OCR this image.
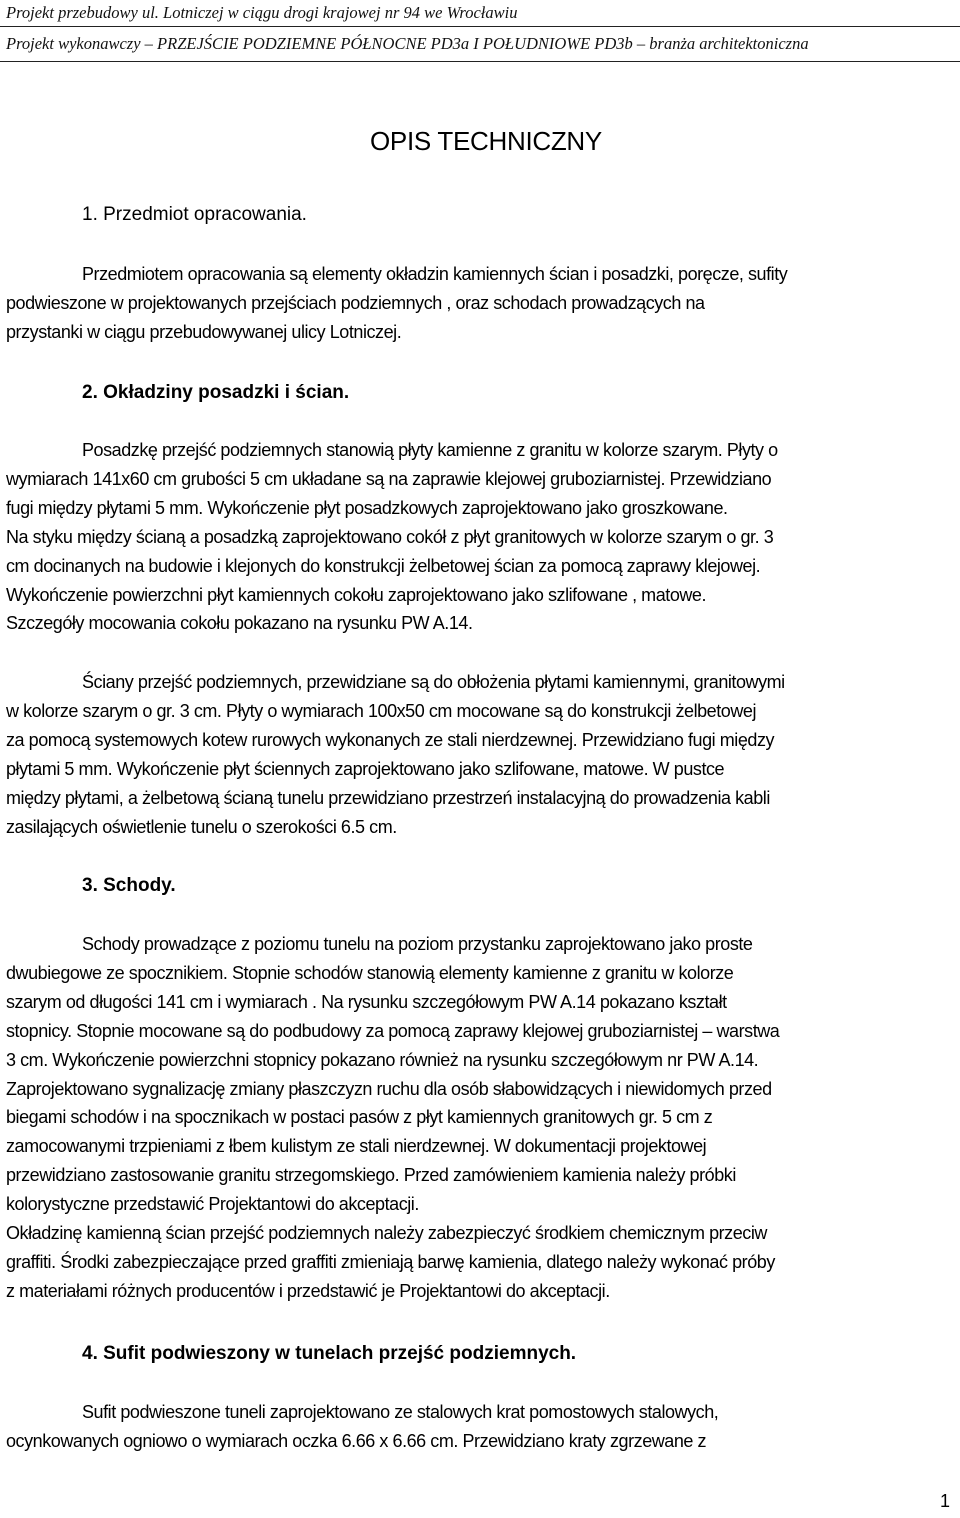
Projekt przebudowy ul. Lotniczej w ciągu drogi krajowej nr 94 we Wrocławiu
Projekt wykonawczy – PRZEJŚCIE PODZIEMNE PÓŁNOCNE PD3a I POŁUDNIOWE PD3b – branża architektoniczna
OPIS TECHNICZNY
1. Przedmiot opracowania.
Przedmiotem opracowania są elementy okładzin kamiennych ścian i posadzki, poręcze, sufity
podwieszone w projektowanych przejściach podziemnych , oraz schodach prowadzących na
przystanki w ciągu przebudowywanej ulicy Lotniczej.
2. Okładziny posadzki i ścian.
Posadzkę przejść podziemnych stanowią płyty kamienne z granitu w kolorze szarym. Płyty o
wymiarach 141x60 cm grubości 5 cm układane są na zaprawie klejowej gruboziarnistej. Przewidziano
fugi między płytami 5 mm. Wykończenie płyt posadzkowych zaprojektowano jako groszkowane.
Na styku między ścianą a posadzką zaprojektowano cokół z płyt granitowych w kolorze szarym o gr. 3
cm docinanych na budowie i klejonych do konstrukcji żelbetowej ścian za pomocą zaprawy klejowej.
Wykończenie powierzchni płyt kamiennych cokołu zaprojektowano jako szlifowane , matowe.
Szczegóły mocowania cokołu pokazano na rysunku PW A.14.
Ściany przejść podziemnych, przewidziane są do obłożenia płytami kamiennymi, granitowymi
w kolorze szarym o gr. 3 cm. Płyty o wymiarach 100x50 cm mocowane są do konstrukcji żelbetowej
za pomocą systemowych kotew rurowych wykonanych ze stali nierdzewnej. Przewidziano fugi między
płytami 5 mm. Wykończenie płyt ściennych zaprojektowano jako szlifowane, matowe. W pustce
między płytami, a żelbetową ścianą tunelu przewidziano przestrzeń instalacyjną do prowadzenia kabli
zasilających oświetlenie tunelu o szerokości 6.5 cm.
3. Schody.
Schody prowadzące z poziomu tunelu na poziom przystanku zaprojektowano jako proste
dwubiegowe ze spocznikiem. Stopnie schodów stanowią elementy kamienne z granitu w kolorze
szarym od długości 141 cm i wymiarach . Na rysunku szczegółowym PW A.14 pokazano kształt
stopnicy. Stopnie mocowane są do podbudowy za pomocą zaprawy klejowej gruboziarnistej – warstwa
3 cm. Wykończenie powierzchni stopnicy pokazano również na rysunku szczegółowym nr PW A.14.
Zaprojektowano sygnalizację zmiany płaszczyzn ruchu dla osób słabowidzących i niewidomych przed
biegami schodów i na spocznikach w postaci pasów z płyt kamiennych granitowych gr. 5 cm z
zamocowanymi trzpieniami z łbem kulistym ze stali nierdzewnej. W dokumentacji projektowej
przewidziano zastosowanie granitu strzegomskiego. Przed zamówieniem kamienia należy próbki
kolorystyczne przedstawić Projektantowi do akceptacji.
Okładzinę kamienną ścian przejść podziemnych należy zabezpieczyć środkiem chemicznym przeciw
graffiti. Środki zabezpieczające przed graffiti zmieniają barwę kamienia, dlatego należy wykonać próby
z materiałami różnych producentów i przedstawić je Projektantowi do akceptacji.
4. Sufit podwieszony w tunelach przejść podziemnych.
Sufit podwieszone tuneli zaprojektowano ze stalowych krat pomostowych stalowych,
ocynkowanych ogniowo o wymiarach oczka 6.66 x 6.66 cm. Przewidziano kraty zgrzewane z
1
